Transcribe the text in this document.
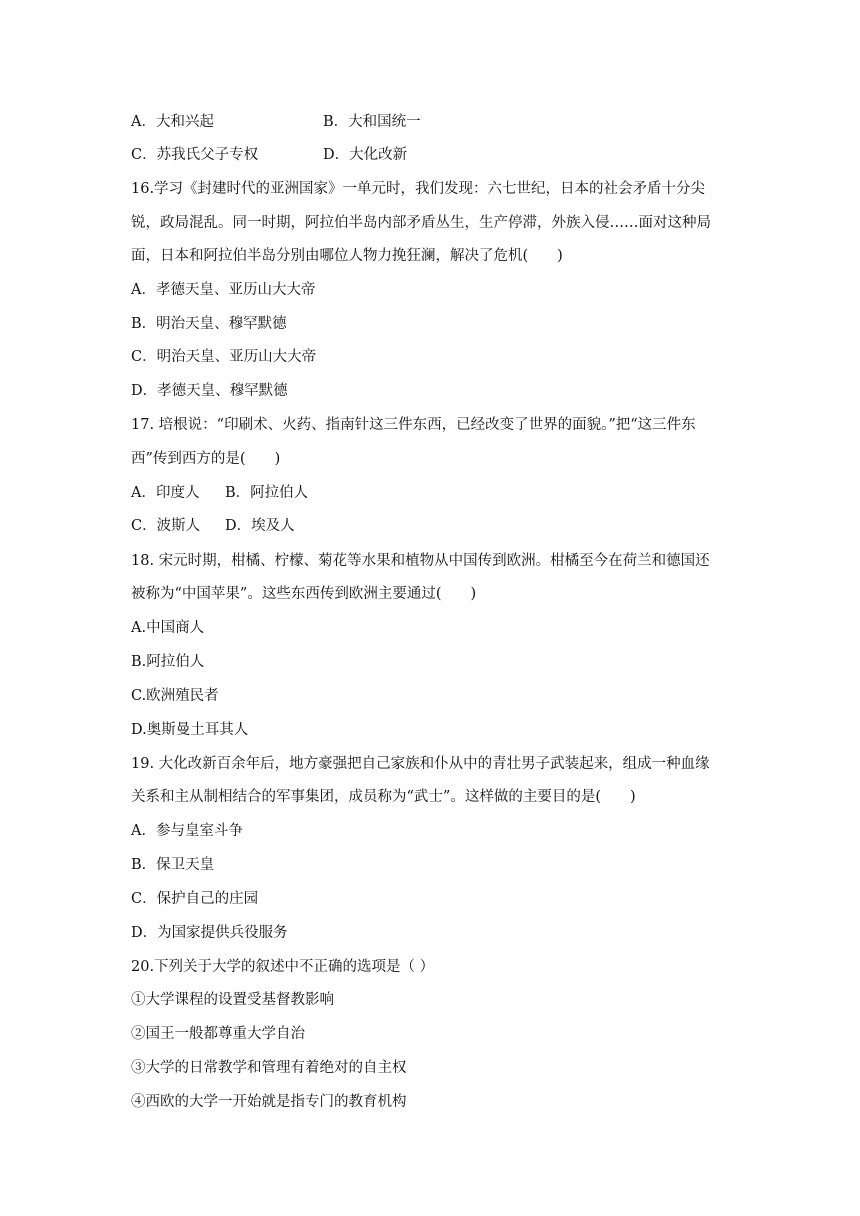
A．大和兴起	B．大和国统一
C．苏我氏父子专权	D．大化改新
16.学习《封建时代的亚洲国家》一单元时，我们发现：六七世纪，日本的社会矛盾十分尖
锐，政局混乱。同一时期，阿拉伯半岛内部矛盾丛生，生产停滞，外族入侵……面对这种局
面，日本和阿拉伯半岛分别由哪位人物力挽狂澜，解决了危机(　　)
A．孝德天皇、亚历山大大帝
B．明治天皇、穆罕默德
C．明治天皇、亚历山大大帝
D．孝德天皇、穆罕默德
17. 培根说：“印刷术、火药、指南针这三件东西，已经改变了世界的面貌。”把“这三件东
西”传到西方的是(　　)
A．印度人 B．阿拉伯人
C．波斯人 D．埃及人
18. 宋元时期，柑橘、柠檬、菊花等水果和植物从中国传到欧洲。柑橘至今在荷兰和德国还
被称为“中国苹果”。这些东西传到欧洲主要通过(　　)
A.中国商人
B.阿拉伯人
C.欧洲殖民者
D.奥斯曼土耳其人
19. 大化改新百余年后，地方豪强把自己家族和仆从中的青壮男子武装起来，组成一种血缘
关系和主从制相结合的军事集团，成员称为“武士”。这样做的主要目的是(　　)
A．参与皇室斗争
B．保卫天皇
C．保护自己的庄园
D．为国家提供兵役服务
20.下列关于大学的叙述中不正确的选项是（ ）
①大学课程的设置受基督教影响
②国王一般都尊重大学自治
③大学的日常教学和管理有着绝对的自主权
④西欧的大学一开始就是指专门的教育机构
